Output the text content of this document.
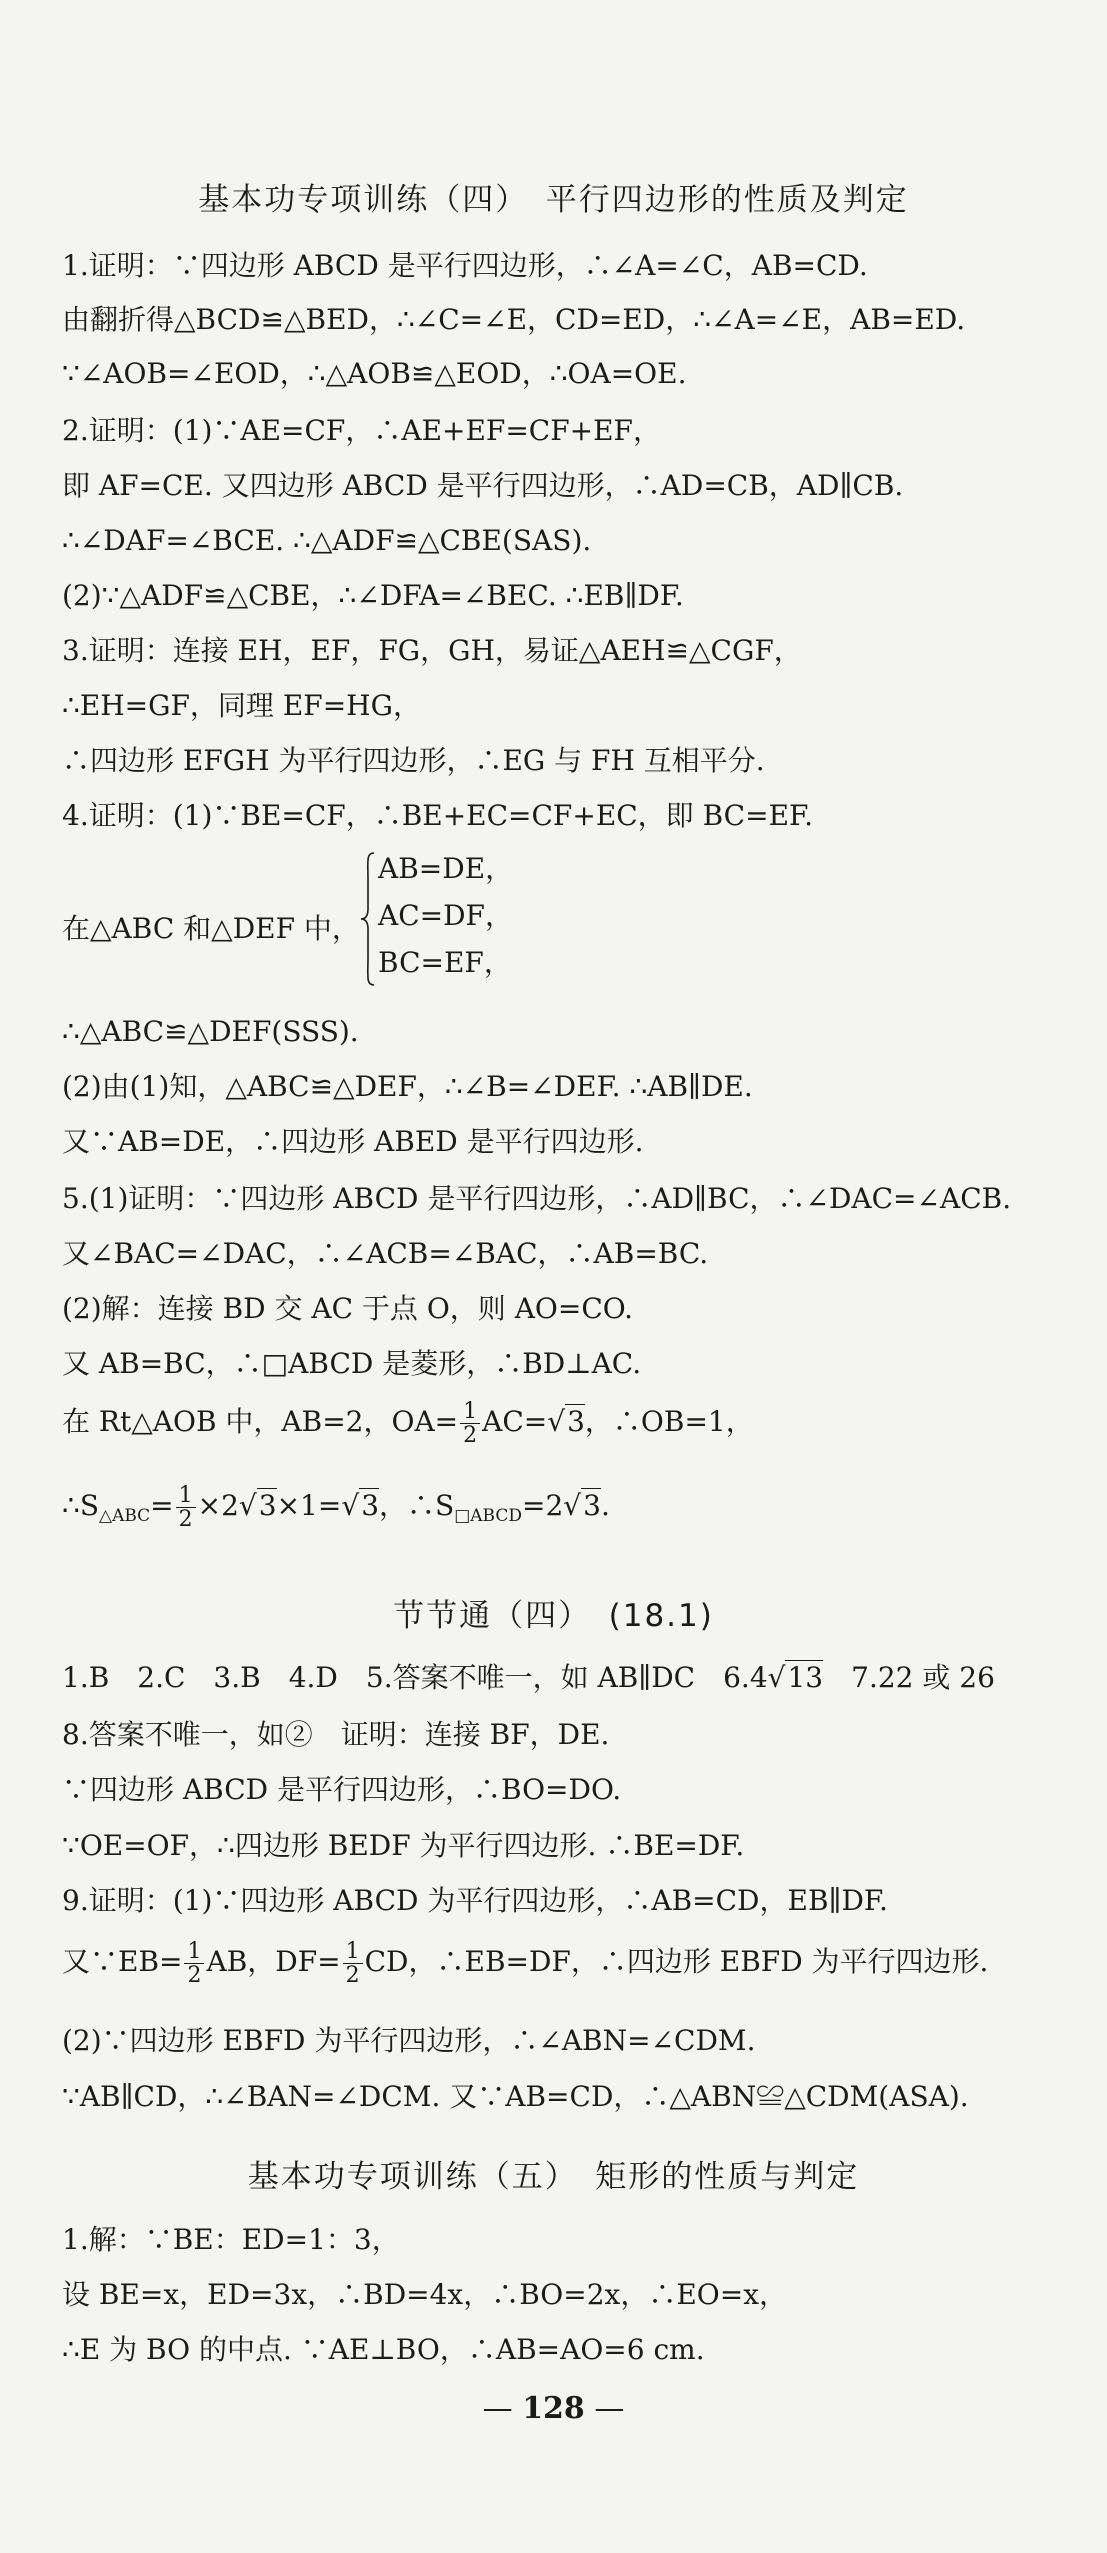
基本功专项训练（四）　平行四边形的性质及判定
1.证明：∵四边形 ABCD 是平行四边形，∴∠A=∠C，AB=CD.
由翻折得△BCD≌△BED，∴∠C=∠E，CD=ED，∴∠A=∠E，AB=ED.
∵∠AOB=∠EOD，∴△AOB≌△EOD，∴OA=OE.
2.证明：(1)∵AE=CF，∴AE+EF=CF+EF，
即 AF=CE. 又四边形 ABCD 是平行四边形，∴AD=CB，AD∥CB.
∴∠DAF=∠BCE. ∴△ADF≌△CBE(SAS).
(2)∵△ADF≌△CBE，∴∠DFA=∠BEC. ∴EB∥DF.
3.证明：连接 EH，EF，FG，GH，易证△AEH≌△CGF，
∴EH=GF，同理 EF=HG，
∴四边形 EFGH 为平行四边形，∴EG 与 FH 互相平分.
4.证明：(1)∵BE=CF，∴BE+EC=CF+EC，即 BC=EF.
在△ABC 和△DEF 中，
AB=DE，
AC=DF，
BC=EF，
∴△ABC≌△DEF(SSS).
(2)由(1)知，△ABC≌△DEF，∴∠B=∠DEF. ∴AB∥DE.
又∵AB=DE，∴四边形 ABED 是平行四边形.
5.(1)证明：∵四边形 ABCD 是平行四边形，∴AD∥BC，∴∠DAC=∠ACB.
又∠BAC=∠DAC，∴∠ACB=∠BAC，∴AB=BC.
(2)解：连接 BD 交 AC 于点 O，则 AO=CO.
又 AB=BC，∴□ABCD 是菱形，∴BD⊥AC.
在 Rt△AOB 中，AB=2，$OA= \frac{1}{2} AC=√3$，∴OB=1，
$\therefore S_{\triangle ABC}= \frac{1}{2} \times 2√3\times 1=√3$，$\therefore S_{□ABCD}=2√3$.
节节通（四）　(18.1)
1.B　2.C　3.B　4.D　5.答案不唯一，如 AB∥DC　6.4√13　7.22 或 26
8.答案不唯一，如②　证明：连接 BF，DE.
∵四边形 ABCD 是平行四边形，∴BO=DO.
∵OE=OF，∴四边形 BEDF 为平行四边形. ∴BE=DF.
9.证明：(1)∵四边形 ABCD 为平行四边形，∴AB=CD，EB∥DF.
又∵EB= $\frac{1}{2}$ AB，$DF= \frac{1}{2}$ CD，∴EB=DF，∴四边形 EBFD 为平行四边形.
(2)∵四边形 EBFD 为平行四边形，∴∠ABN=∠CDM.
∵AB∥CD，∴∠BAN=∠DCM. 又∵AB=CD，∴△ABN≌△CDM(ASA).
基本功专项训练（五）　矩形的性质与判定
1.解：∵BE：ED=1：3，
设 BE=x，ED=3x，∴BD=4x，∴BO=2x，∴EO=x，
∴E 为 BO 的中点. ∵AE⊥BO，∴AB=AO=6 cm.
— 128 —
